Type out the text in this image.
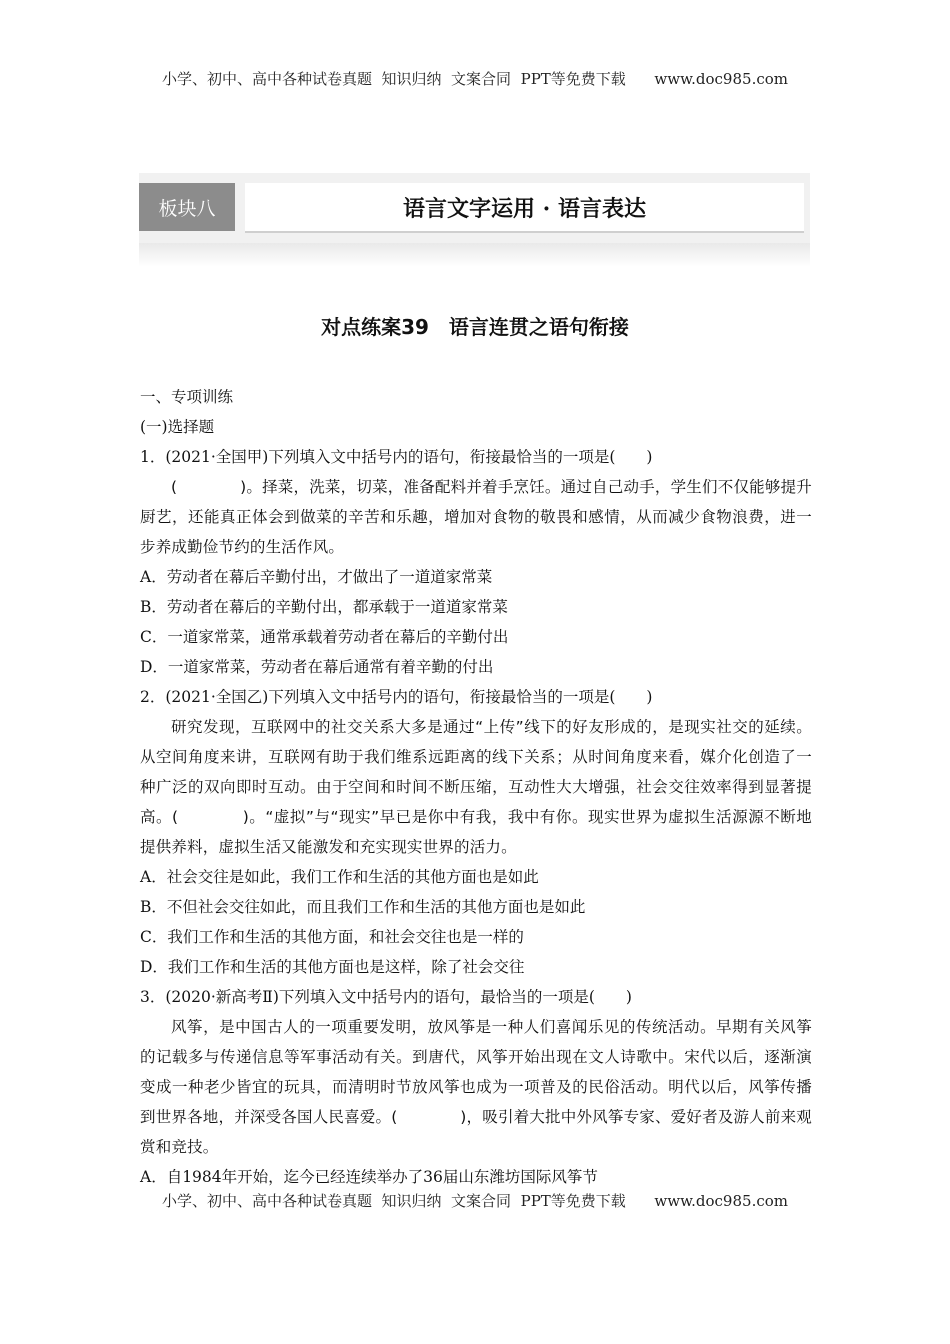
小学、初中、高中各种试卷真题  知识归纳  文案合同  PPT等免费下载      www.doc985.com
板块八	语言文字运用 · 语言表达
对点练案39　语言连贯之语句衔接
一、专项训练
(一)选择题
1．(2021·全国甲)下列填入文中括号内的语句，衔接最恰当的一项是(　　)
(　　　　)。择菜，洗菜，切菜，准备配料并着手烹饪。通过自己动手，学生们不仅能够提升厨艺，还能真正体会到做菜的辛苦和乐趣，增加对食物的敬畏和感情，从而减少食物浪费，进一步养成勤俭节约的生活作风。
A．劳动者在幕后辛勤付出，才做出了一道道家常菜
B．劳动者在幕后的辛勤付出，都承载于一道道家常菜
C．一道家常菜，通常承载着劳动者在幕后的辛勤付出
D．一道家常菜，劳动者在幕后通常有着辛勤的付出
2．(2021·全国乙)下列填入文中括号内的语句，衔接最恰当的一项是(　　)
研究发现，互联网中的社交关系大多是通过“上传”线下的好友形成的，是现实社交的延续。从空间角度来讲，互联网有助于我们维系远距离的线下关系；从时间角度来看，媒介化创造了一种广泛的双向即时互动。由于空间和时间不断压缩，互动性大大增强，社会交往效率得到显著提高。(　　　　)。“虚拟”与“现实”早已是你中有我，我中有你。现实世界为虚拟生活源源不断地提供养料，虚拟生活又能激发和充实现实世界的活力。
A．社会交往是如此，我们工作和生活的其他方面也是如此
B．不但社会交往如此，而且我们工作和生活的其他方面也是如此
C．我们工作和生活的其他方面，和社会交往也是一样的
D．我们工作和生活的其他方面也是这样，除了社会交往
3．(2020·新高考Ⅱ)下列填入文中括号内的语句，最恰当的一项是(　　)
风筝，是中国古人的一项重要发明，放风筝是一种人们喜闻乐见的传统活动。早期有关风筝的记载多与传递信息等军事活动有关。到唐代，风筝开始出现在文人诗歌中。宋代以后，逐渐演变成一种老少皆宜的玩具，而清明时节放风筝也成为一项普及的民俗活动。明代以后，风筝传播到世界各地，并深受各国人民喜爱。(　　　　)，吸引着大批中外风筝专家、爱好者及游人前来观赏和竞技。
A．自1984年开始，迄今已经连续举办了36届山东潍坊国际风筝节
小学、初中、高中各种试卷真题  知识归纳  文案合同  PPT等免费下载      www.doc985.com
